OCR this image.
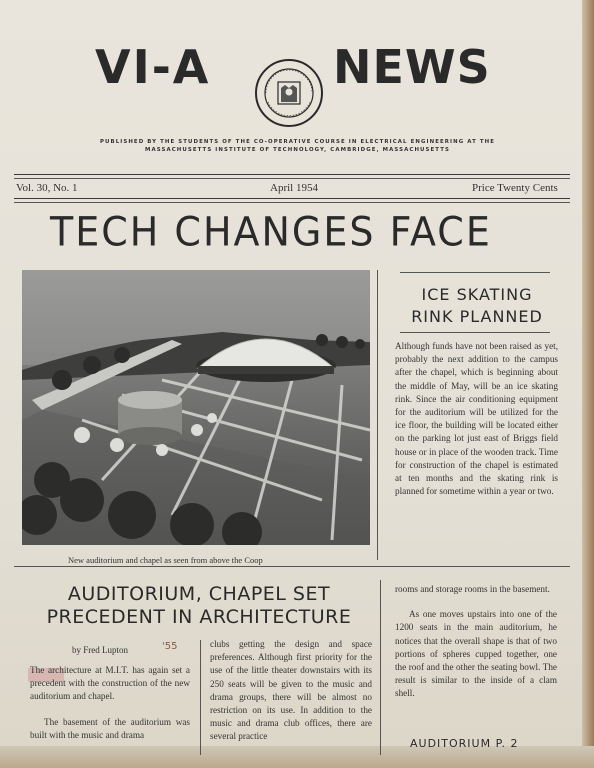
VI-A	NEWS
PUBLISHED BY THE STUDENTS OF THE CO-OPERATIVE COURSE IN ELECTRICAL ENGINEERING AT THE
MASSACHUSETTS INSTITUTE OF TECHNOLOGY, CAMBRIDGE, MASSACHUSETTS
Vol. 30, No. 1	April 1954	Price Twenty Cents
TECH CHANGES FACE
New auditorium and chapel as seen from above the Coop
ICE SKATING
RINK PLANNED
Although funds have not been raised as yet, probably the next addition to the campus after the chapel, which is beginning about the middle of May, will be an ice skating rink. Since the air conditioning equipment for the auditorium will be utilized for the ice floor, the building will be located either on the parking lot just east of Briggs field house or in place of the wooden track. Time for construction of the chapel is estimated at ten months and the skating rink is planned for sometime within a year or two.
AUDITORIUM, CHAPEL SET
PRECEDENT IN ARCHITECTURE
by Fred Lupton	'55

The architecture at M.I.T. has again set a precedent with the construction of the new auditorium and chapel.

The basement of the auditorium was built with the music and drama

clubs getting the design and space preferences. Although first priority for the use of the little theater downstairs with its 250 seats will be given to the music and drama groups, there will be almost no restriction on its use. In addition to the music and drama club offices, there are several practice

rooms and storage rooms in the basement.

As one moves upstairs into one of the 1200 seats in the main auditorium, he notices that the overall shape is that of two portions of spheres cupped together, one the roof and the other the seating bowl. The result is similar to the inside of a clam shell.

AUDITORIUM P. 2
